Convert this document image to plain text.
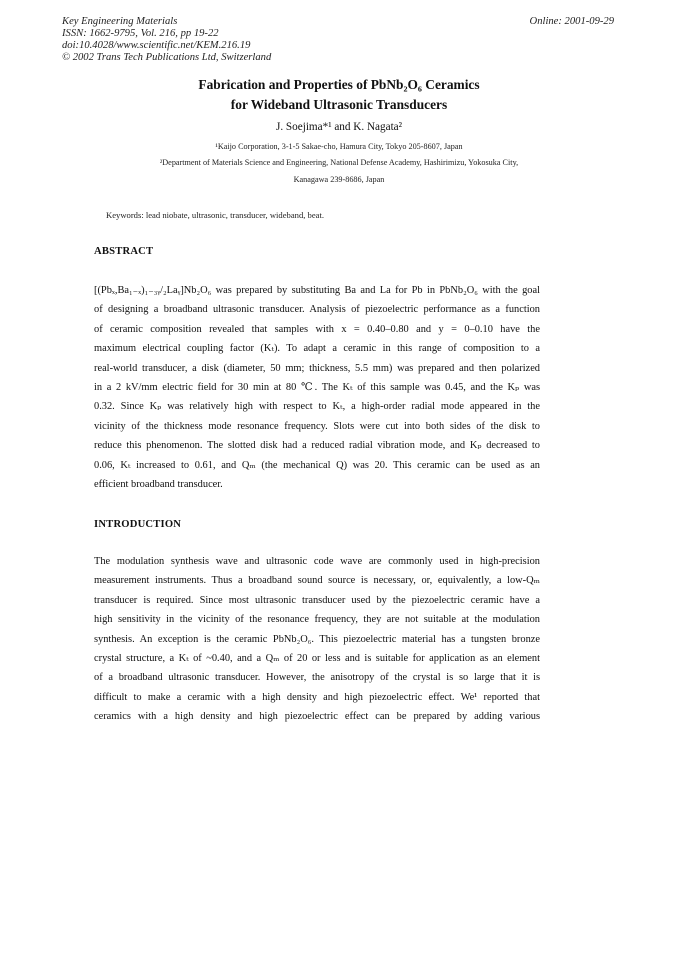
Key Engineering Materials
ISSN: 1662-9795, Vol. 216, pp 19-22
doi:10.4028/www.scientific.net/KEM.216.19
© 2002 Trans Tech Publications Ltd, Switzerland
Online: 2001-09-29
Fabrication and Properties of PbNb₂O₆ Ceramics
for Wideband Ultrasonic Transducers
J. Soejima*¹ and K. Nagata²
¹Kaijo Corporation, 3-1-5 Sakae-cho, Hamura City, Tokyo 205-8607, Japan
²Department of Materials Science and Engineering, National Defense Academy, Hashirimizu, Yokosuka City,
Kanagawa 239-8686, Japan
Keywords: lead niobate, ultrasonic, transducer, wideband, beat.
ABSTRACT
[(Pbₓ,Ba₁₋ₓ)₁₋₃ᵧ/₂Laᵧ]Nb₂O₆ was prepared by substituting Ba and La for Pb in PbNb₂O₆ with the goal
of designing a broadband ultrasonic transducer. Analysis of piezoelectric performance as a function
of ceramic composition revealed that samples with x = 0.40–0.80 and y = 0–0.10 have the
maximum electrical coupling factor (Kₜ). To adapt a ceramic in this range of composition to a
real-world transducer, a disk (diameter, 50 mm; thickness, 5.5 mm) was prepared and then polarized
in a 2 kV/mm electric field for 30 min at 80 ℃. The Kₜ of this sample was 0.45, and the Kₚ was
0.32. Since Kₚ was relatively high with respect to Kₜ, a high-order radial mode appeared in the
vicinity of the thickness mode resonance frequency. Slots were cut into both sides of the disk to
reduce this phenomenon. The slotted disk had a reduced radial vibration mode, and Kₚ decreased to
0.06, Kₜ increased to 0.61, and Qₘ (the mechanical Q) was 20. This ceramic can be used as an
efficient broadband transducer.
INTRODUCTION
The modulation synthesis wave and ultrasonic code wave are commonly used in high-precision
measurement instruments. Thus a broadband sound source is necessary, or, equivalently, a low-Qₘ
transducer is required. Since most ultrasonic transducer used by the piezoelectric ceramic have a
high sensitivity in the vicinity of the resonance frequency, they are not suitable at the modulation
synthesis. An exception is the ceramic PbNb₂O₆. This piezoelectric material has a tungsten bronze
crystal structure, a Kₜ of ~0.40, and a Qₘ of 20 or less and is suitable for application as an element
of a broadband ultrasonic transducer. However, the anisotropy of the crystal is so large that it is
difficult to make a ceramic with a high density and high piezoelectric effect. We¹ reported that
ceramics with a high density and high piezoelectric effect can be prepared by adding various
